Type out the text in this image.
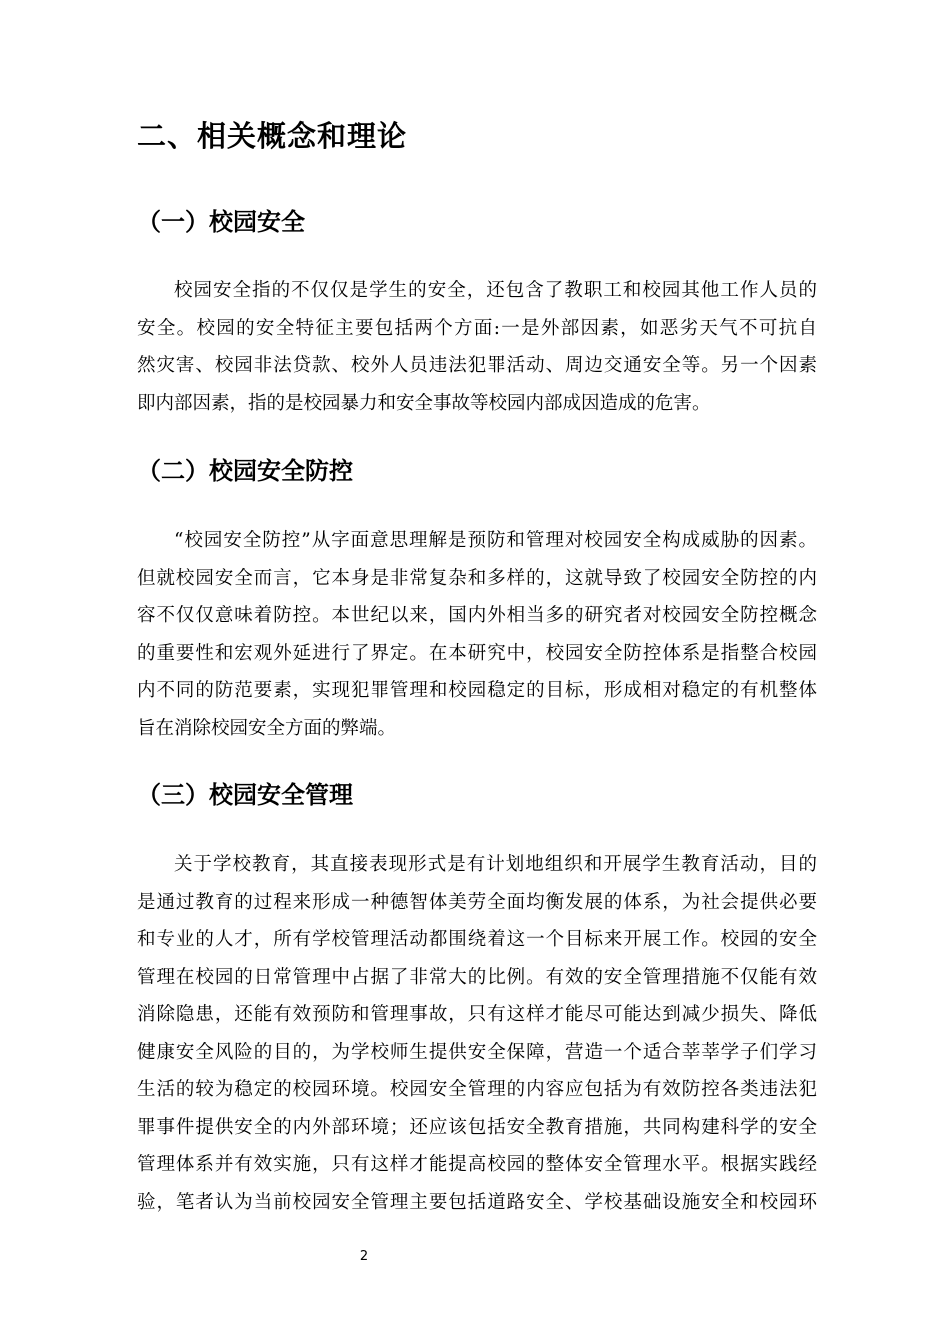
二、相关概念和理论
（一）校园安全
校园安全指的不仅仅是学生的安全，还包含了教职工和校园其他工作人员的
安全。校园的安全特征主要包括两个方面:一是外部因素，如恶劣天气不可抗自
然灾害、校园非法贷款、校外人员违法犯罪活动、周边交通安全等。另一个因素
即内部因素，指的是校园暴力和安全事故等校园内部成因造成的危害。
（二）校园安全防控
“校园安全防控”从字面意思理解是预防和管理对校园安全构成威胁的因素。
但就校园安全而言，它本身是非常复杂和多样的，这就导致了校园安全防控的内
容不仅仅意味着防控。本世纪以来，国内外相当多的研究者对校园安全防控概念
的重要性和宏观外延进行了界定。在本研究中，校园安全防控体系是指整合校园
内不同的防范要素，实现犯罪管理和校园稳定的目标，形成相对稳定的有机整体
旨在消除校园安全方面的弊端。
（三）校园安全管理
关于学校教育，其直接表现形式是有计划地组织和开展学生教育活动，目的
是通过教育的过程来形成一种德智体美劳全面均衡发展的体系，为社会提供必要
和专业的人才，所有学校管理活动都围绕着这一个目标来开展工作。校园的安全
管理在校园的日常管理中占据了非常大的比例。有效的安全管理措施不仅能有效
消除隐患，还能有效预防和管理事故，只有这样才能尽可能达到减少损失、降低
健康安全风险的目的，为学校师生提供安全保障，营造一个适合莘莘学子们学习
生活的较为稳定的校园环境。校园安全管理的内容应包括为有效防控各类违法犯
罪事件提供安全的内外部环境；还应该包括安全教育措施，共同构建科学的安全
管理体系并有效实施，只有这样才能提高校园的整体安全管理水平。根据实践经
验，笔者认为当前校园安全管理主要包括道路安全、学校基础设施安全和校园环
2
